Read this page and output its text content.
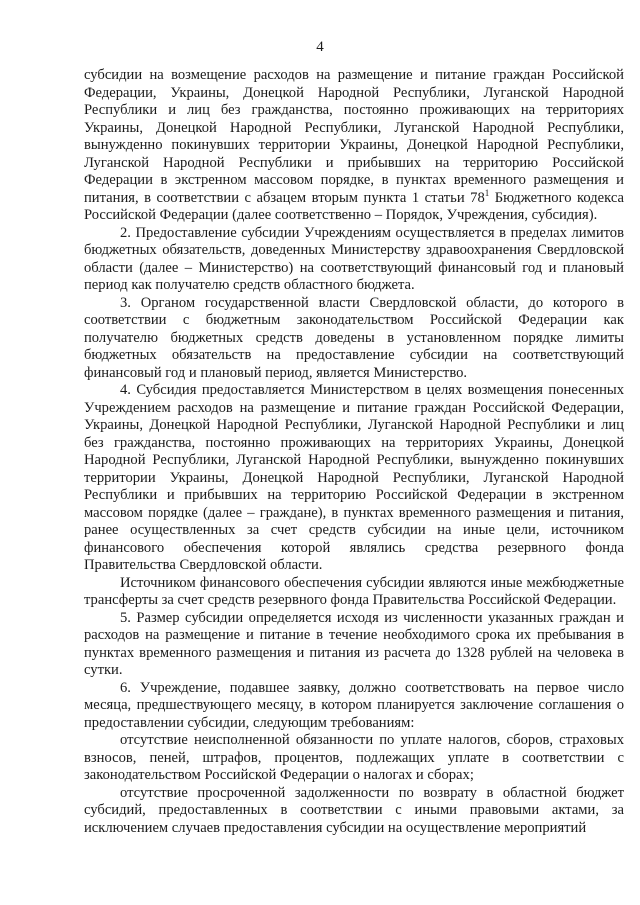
4

субсидии на возмещение расходов на размещение и питание граждан Российской Федерации, Украины, Донецкой Народной Республики, Луганской Народной Республики и лиц без гражданства, постоянно проживающих на территориях Украины, Донецкой Народной Республики, Луганской Народной Республики, вынужденно покинувших территории Украины, Донецкой Народной Республики, Луганской Народной Республики и прибывших на территорию Российской Федерации в экстренном массовом порядке, в пунктах временного размещения и питания, в соответствии с абзацем вторым пункта 1 статьи $78^1$ Бюджетного кодекса Российской Федерации (далее соответственно – Порядок, Учреждения, субсидия).

2. Предоставление субсидии Учреждениям осуществляется в пределах лимитов бюджетных обязательств, доведенных Министерству здравоохранения Свердловской области (далее – Министерство) на соответствующий финансовый год и плановый период как получателю средств областного бюджета.

3. Органом государственной власти Свердловской области, до которого в соответствии с бюджетным законодательством Российской Федерации как получателю бюджетных средств доведены в установленном порядке лимиты бюджетных обязательств на предоставление субсидии на соответствующий финансовый год и плановый период, является Министерство.

4. Субсидия предоставляется Министерством в целях возмещения понесенных Учреждением расходов на размещение и питание граждан Российской Федерации, Украины, Донецкой Народной Республики, Луганской Народной Республики и лиц без гражданства, постоянно проживающих на территориях Украины, Донецкой Народной Республики, Луганской Народной Республики, вынужденно покинувших территории Украины, Донецкой Народной Республики, Луганской Народной Республики и прибывших на территорию Российской Федерации в экстренном массовом порядке (далее – граждане), в пунктах временного размещения и питания, ранее осуществленных за счет средств субсидии на иные цели, источником финансового обеспечения которой являлись средства резервного фонда Правительства Свердловской области.

Источником финансового обеспечения субсидии являются иные межбюджетные трансферты за счет средств резервного фонда Правительства Российской Федерации.

5. Размер субсидии определяется исходя из численности указанных граждан и расходов на размещение и питание в течение необходимого срока их пребывания в пунктах временного размещения и питания из расчета до 1328 рублей на человека в сутки.

6. Учреждение, подавшее заявку, должно соответствовать на первое число месяца, предшествующего месяцу, в котором планируется заключение соглашения о предоставлении субсидии, следующим требованиям:

отсутствие неисполненной обязанности по уплате налогов, сборов, страховых взносов, пеней, штрафов, процентов, подлежащих уплате в соответствии с законодательством Российской Федерации о налогах и сборах;

отсутствие просроченной задолженности по возврату в областной бюджет субсидий, предоставленных в соответствии с иными правовыми актами, за исключением случаев предоставления субсидии на осуществление мероприятий
